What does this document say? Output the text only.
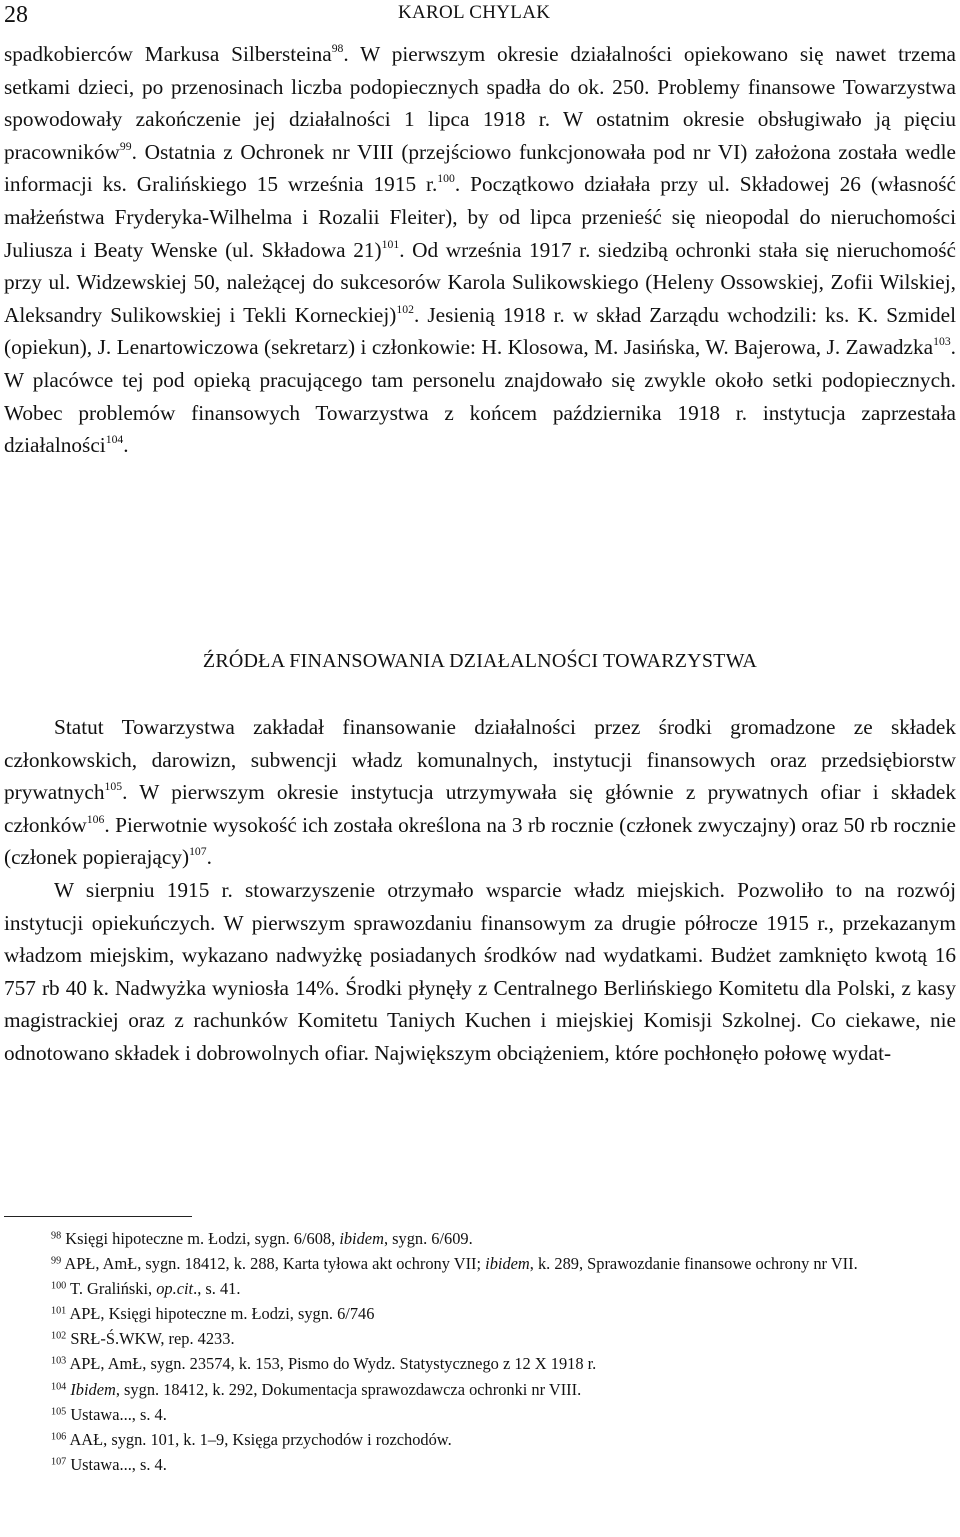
28	KAROL CHYLAK

spadkobierców Markusa Silbersteina$^{98}$. W pierwszym okresie działalności opiekowano się nawet trzema setkami dzieci, po przenosinach liczba podopiecznych spadła do ok. 250. Problemy finansowe Towarzystwa spowodowały zakończenie jej działalności 1 lipca 1918 r. W ostatnim okresie obsługiwało ją pięciu pracowników$^{99}$. Ostatnia z Ochronek nr VIII (przejściowo funkcjonowała pod nr VI) założona została wedle informacji ks. Gralińskiego 15 września 1915 r.$^{100}$. Początkowo działała przy ul. Składowej 26 (własność małżeństwa Fryderyka-Wilhelma i Rozalii Fleiter), by od lipca przenieść się nieopodal do nieruchomości Juliusza i Beaty Wenske (ul. Składowa 21)$^{101}$. Od września 1917 r. siedzibą ochronki stała się nieruchomość przy ul. Widzewskiej 50, należącej do sukcesorów Karola Sulikowskiego (Heleny Ossowskiej, Zofii Wilskiej, Aleksandry Sulikowskiej i Tekli Korneckiej)$^{102}$. Jesienią 1918 r. w skład Zarządu wchodzili: ks. K. Szmidel (opiekun), J. Lenartowiczowa (sekretarz) i członkowie: H. Klosowa, M. Jasińska, W. Bajerowa, J. Zawadzka$^{103}$. W placówce tej pod opieką pracującego tam personelu znajdowało się zwykle około setki podopiecznych. Wobec problemów finansowych Towarzystwa z końcem października 1918 r. instytucja zaprzestała działalności$^{104}$.

ŹRÓDŁA FINANSOWANIA DZIAŁALNOŚCI TOWARZYSTWA

Statut Towarzystwa zakładał finansowanie działalności przez środki gromadzone ze składek członkowskich, darowizn, subwencji władz komunalnych, instytucji finansowych oraz przedsiębiorstw prywatnych$^{105}$. W pierwszym okresie instytucja utrzymywała się głównie z prywatnych ofiar i składek członków$^{106}$. Pierwotnie wysokość ich została określona na 3 rb rocznie (członek zwyczajny) oraz 50 rb rocznie (członek popierający)$^{107}$.

W sierpniu 1915 r. stowarzyszenie otrzymało wsparcie władz miejskich. Pozwoliło to na rozwój instytucji opiekuńczych. W pierwszym sprawozdaniu finansowym za drugie półrocze 1915 r., przekazanym władzom miejskim, wykazano nadwyżkę posiadanych środków nad wydatkami. Budżet zamknięto kwotą 16 757 rb 40 k. Nadwyżka wyniosła 14%. Środki płynęły z Centralnego Berlińskiego Komitetu dla Polski, z kasy magistrackiej oraz z rachunków Komitetu Taniych Kuchen i miejskiej Komisji Szkolnej. Co ciekawe, nie odnotowano składek i dobrowolnych ofiar. Największym obciążeniem, które pochłonęło połowę wydat-

$^{98}$ Księgi hipoteczne m. Łodzi, sygn. 6/608, ibidem, sygn. 6/609.
$^{99}$ APŁ, AmŁ, sygn. 18412, k. 288, Karta tyłowa akt ochrony VII; ibidem, k. 289, Sprawozdanie finansowe ochrony nr VII.
$^{100}$ T. Graliński, op.cit., s. 41.
$^{101}$ APŁ, Księgi hipoteczne m. Łodzi, sygn. 6/746
$^{102}$ SRŁ-Ś.WKW, rep. 4233.
$^{103}$ APŁ, AmŁ, sygn. 23574, k. 153, Pismo do Wydz. Statystycznego z 12 X 1918 r.
$^{104}$ Ibidem, sygn. 18412, k. 292, Dokumentacja sprawozdawcza ochronki nr VIII.
$^{105}$ Ustawa..., s. 4.
$^{106}$ AAŁ, sygn. 101, k. 1–9, Księga przychodów i rozchodów.
$^{107}$ Ustawa..., s. 4.
